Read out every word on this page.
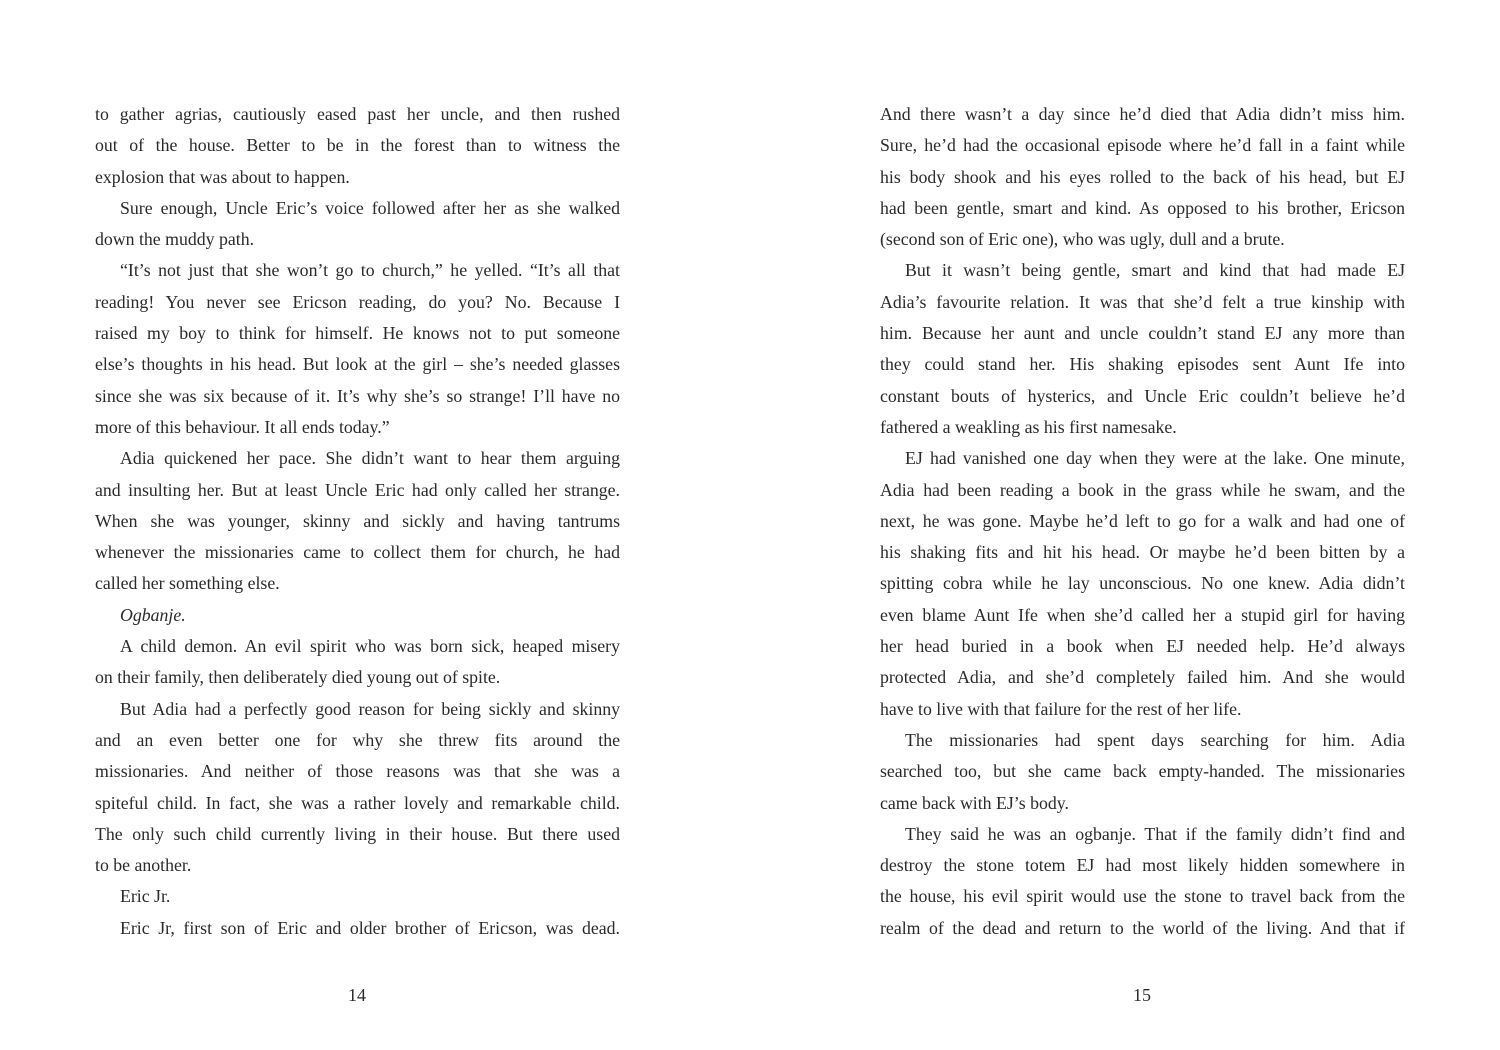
to gather agrias, cautiously eased past her uncle, and then rushed
out of the house. Better to be in the forest than to witness the
explosion that was about to happen.
Sure enough, Uncle Eric’s voice followed after her as she walked
down the muddy path.
“It’s not just that she won’t go to church,” he yelled. “It’s all that
reading! You never see Ericson reading, do you? No. Because I
raised my boy to think for himself. He knows not to put someone
else’s thoughts in his head. But look at the girl – she’s needed glasses
since she was six because of it. It’s why she’s so strange! I’ll have no
more of this behaviour. It all ends today.”
Adia quickened her pace. She didn’t want to hear them arguing
and insulting her. But at least Uncle Eric had only called her strange.
When she was younger, skinny and sickly and having tantrums
whenever the missionaries came to collect them for church, he had
called her something else.
Ogbanje.
A child demon. An evil spirit who was born sick, heaped misery
on their family, then deliberately died young out of spite.
But Adia had a perfectly good reason for being sickly and skinny
and an even better one for why she threw fits around the
missionaries. And neither of those reasons was that she was a
spiteful child. In fact, she was a rather lovely and remarkable child.
The only such child currently living in their house. But there used
to be another.
Eric Jr.
Eric Jr, first son of Eric and older brother of Ericson, was dead.
And there wasn’t a day since he’d died that Adia didn’t miss him.
Sure, he’d had the occasional episode where he’d fall in a faint while
his body shook and his eyes rolled to the back of his head, but EJ
had been gentle, smart and kind. As opposed to his brother, Ericson
(second son of Eric one), who was ugly, dull and a brute.
But it wasn’t being gentle, smart and kind that had made EJ
Adia’s favourite relation. It was that she’d felt a true kinship with
him. Because her aunt and uncle couldn’t stand EJ any more than
they could stand her. His shaking episodes sent Aunt Ife into
constant bouts of hysterics, and Uncle Eric couldn’t believe he’d
fathered a weakling as his first namesake.
EJ had vanished one day when they were at the lake. One minute,
Adia had been reading a book in the grass while he swam, and the
next, he was gone. Maybe he’d left to go for a walk and had one of
his shaking fits and hit his head. Or maybe he’d been bitten by a
spitting cobra while he lay unconscious. No one knew. Adia didn’t
even blame Aunt Ife when she’d called her a stupid girl for having
her head buried in a book when EJ needed help. He’d always
protected Adia, and she’d completely failed him. And she would
have to live with that failure for the rest of her life.
The missionaries had spent days searching for him. Adia
searched too, but she came back empty-handed. The missionaries
came back with EJ’s body.
They said he was an ogbanje. That if the family didn’t find and
destroy the stone totem EJ had most likely hidden somewhere in
the house, his evil spirit would use the stone to travel back from the
realm of the dead and return to the world of the living. And that if
14	15
